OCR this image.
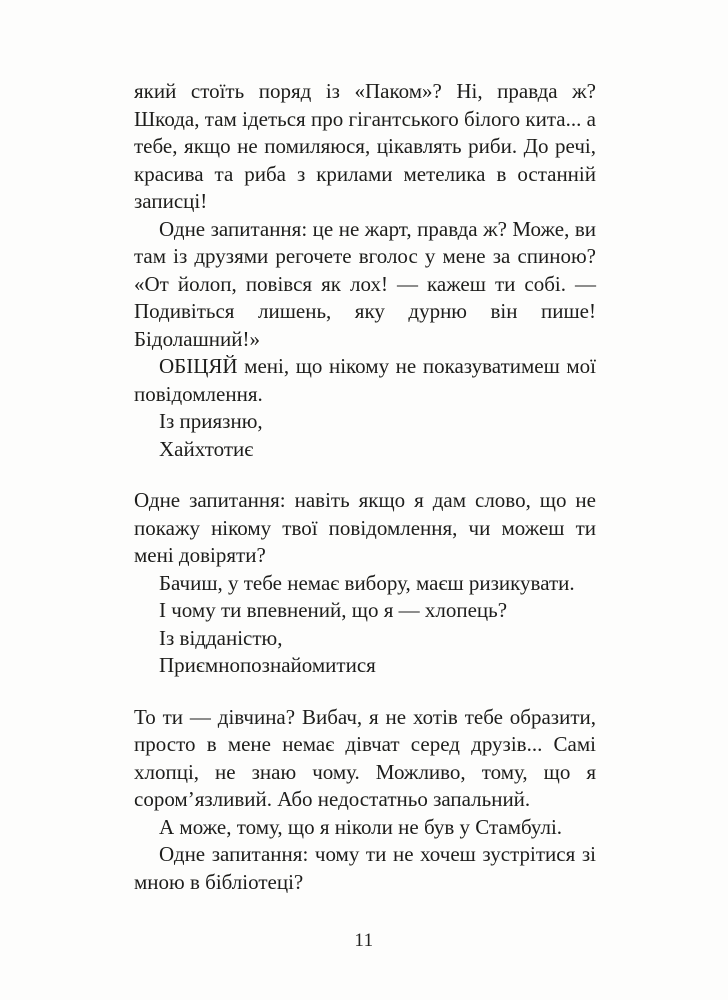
який стоїть поряд із «Паком»? Ні, правда ж? Шкода, там ідеться про гігантського білого кита... а тебе, якщо не помиляюся, цікавлять риби. До речі, красива та риба з крилами метелика в останній записці!

Одне запитання: це не жарт, правда ж? Може, ви там із друзями регочете вголос у мене за спиною? «От йолоп, повівся як лох! — кажеш ти собі. — Подивіться лишень, яку дурню він пише! Бідолашний!»

ОБІЦЯЙ мені, що нікому не показуватимеш мої повідомлення.

Із приязню,

Хайхтотиє

Одне запитання: навіть якщо я дам слово, що не покажу нікому твої повідомлення, чи можеш ти мені довіряти?

Бачиш, у тебе немає вибору, маєш ризикувати.

І чому ти впевнений, що я — хлопець?

Із відданістю,

Приємнопознайомитися

То ти — дівчина? Вибач, я не хотів тебе образити, просто в мене немає дівчат серед друзів... Самі хлопці, не знаю чому. Можливо, тому, що я сором’язливий. Або недостатньо запальний.

А може, тому, що я ніколи не був у Стамбулі.

Одне запитання: чому ти не хочеш зустрітися зі мною в бібліотеці?

11
